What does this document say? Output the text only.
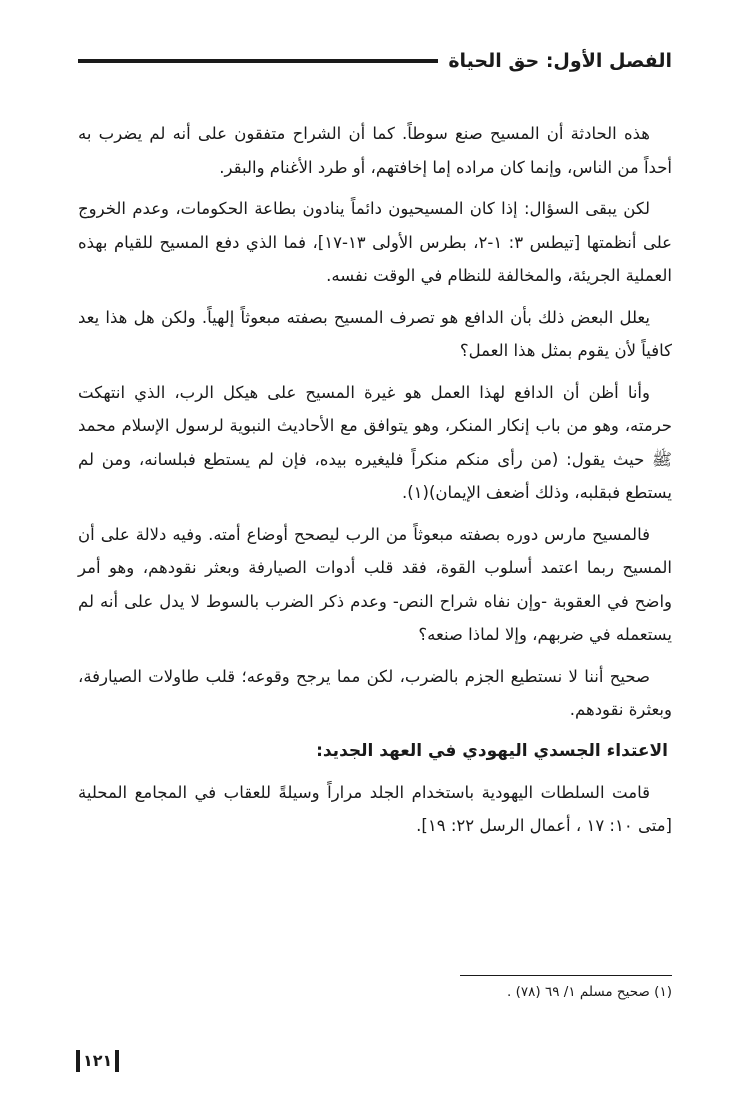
الفصل الأول: حق الحياة

هذه الحادثة أن المسيح صنع سوطاً. كما أن الشراح متفقون على أنه لم يضرب به أحداً من الناس، وإنما كان مراده إما إخافتهم، أو طرد الأغنام والبقر.

لكن يبقى السؤال: إذا كان المسيحيون دائماً ينادون بطاعة الحكومات، وعدم الخروج على أنظمتها [تيطس ٣: ١-٢، بطرس الأولى ١٣-١٧]، فما الذي دفع المسيح للقيام بهذه العملية الجريئة، والمخالفة للنظام في الوقت نفسه.

يعلل البعض ذلك بأن الدافع هو تصرف المسيح بصفته مبعوثاً إلهياً. ولكن هل هذا يعد كافياً لأن يقوم بمثل هذا العمل؟

وأنا أظن أن الدافع لهذا العمل هو غيرة المسيح على هيكل الرب، الذي انتهكت حرمته، وهو من باب إنكار المنكر، وهو يتوافق مع الأحاديث النبوية لرسول الإسلام محمد ﷺ حيث يقول: (من رأى منكم منكراً فليغيره بيده، فإن لم يستطع فبلسانه، ومن لم يستطع فبقلبه، وذلك أضعف الإيمان)(١).

فالمسيح مارس دوره بصفته مبعوثاً من الرب ليصحح أوضاع أمته. وفيه دلالة على أن المسيح ربما اعتمد أسلوب القوة، فقد قلب أدوات الصيارفة وبعثر نقودهم، وهو أمر واضح في العقوبة -وإن نفاه شراح النص- وعدم ذكر الضرب بالسوط لا يدل على أنه لم يستعمله في ضربهم، وإلا لماذا صنعه؟

صحيح أننا لا نستطيع الجزم بالضرب، لكن مما يرجح وقوعه؛ قلب طاولات الصيارفة، وبعثرة نقودهم.

الاعتداء الجسدي اليهودي في العهد الجديد:

قامت السلطات اليهودية باستخدام الجلد مراراً وسيلةً للعقاب في المجامع المحلية [متى ١٠: ١٧ ، أعمال الرسل ٢٢: ١٩].

(١) صحيح مسلم ١/ ٦٩ (٧٨) .
١٢١
